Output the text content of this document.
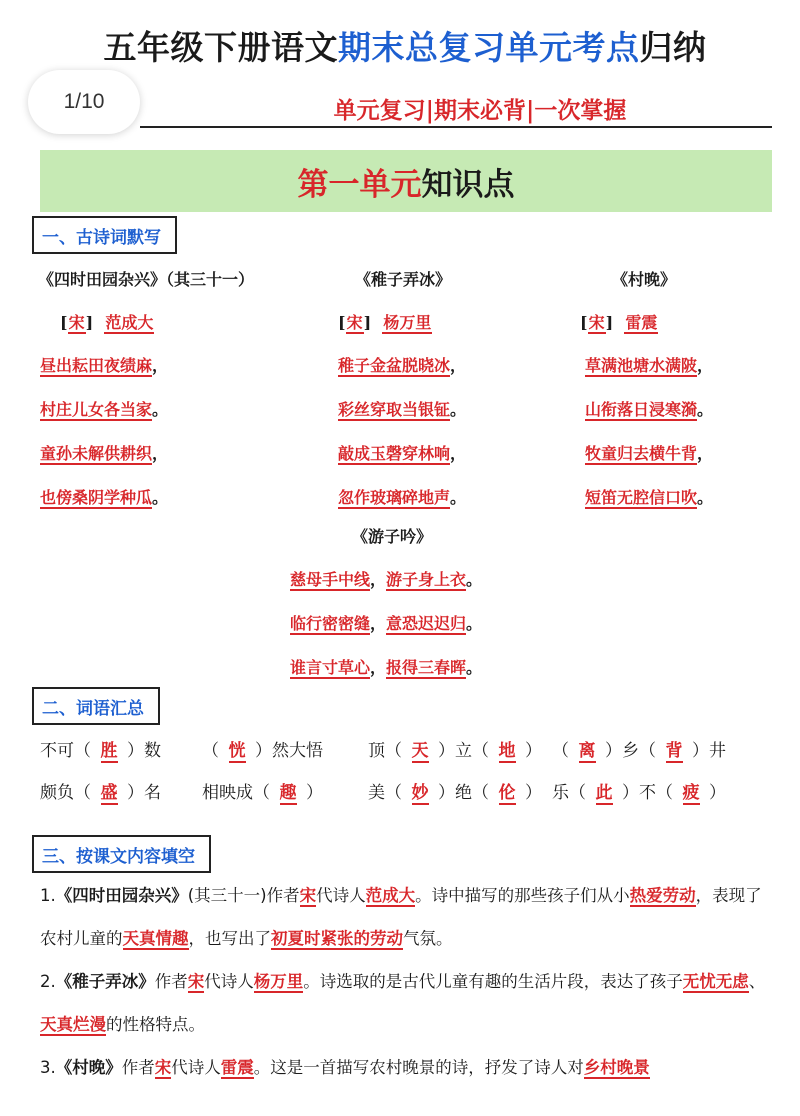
五年级下册语文期末总复习单元考点归纳
1/10	单元复习|期末必背|一次掌握
第一单元 知识点
一、古诗词默写
《四时田园杂兴》（其三十一）
[宋] 范成大
昼出耘田夜绩麻，
村庄儿女各当家。
童孙未解供耕织，
也傍桑阴学种瓜。
《稚子弄冰》
[宋] 杨万里
稚子金盆脱晓冰，
彩丝穿取当银钲。
敲成玉磬穿林响，
忽作玻璃碎地声。
《村晚》
[宋] 雷震
草满池塘水满陂，
山衔落日浸寒漪。
牧童归去横牛背，
短笛无腔信口吹。
《游子吟》
慈母手中线，游子身上衣。
临行密密缝，意恐迟迟归。
谁言寸草心，报得三春晖。
二、词语汇总
不可（ 胜 ）数 （ 恍 ）然大悟	顶（ 天 ）立（ 地 ） （ 离 ）乡（ 背 ）井
颇负（ 盛 ）名 相映成（ 趣 ）	美（ 妙 ）绝（ 伦 ） 乐（ 此 ）不（ 疲 ）
三、按课文内容填空
1.《四时田园杂兴》(其三十一)作者宋代诗人范成大。诗中描写的那些孩子们从小热爱劳动，表现了农村儿童的天真情趣，也写出了初夏时紧张的劳动气氛。
2.《稚子弄冰》作者宋代诗人杨万里。诗选取的是古代儿童有趣的生活片段，表达了孩子无忧无虑、天真烂漫的性格特点。
3.《村晚》作者宋代诗人雷震。这是一首描写农村晚景的诗，抒发了诗人对乡村晚景
